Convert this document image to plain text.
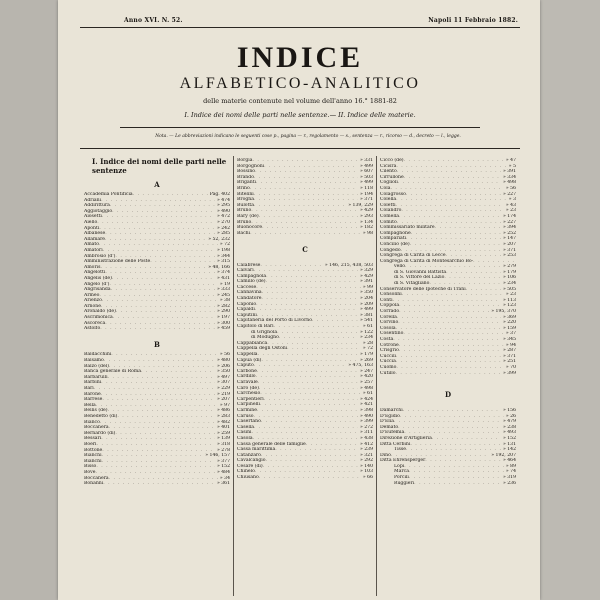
Anno XVI. N. 52.	Napoli 11 Febbraio 1882.
INDICE
ALFABETICO-ANALITICO
delle materie contenute nel volume dell'anno 16.° 1881-82
I. Indice dei nomi delle parti nelle sentenze.— II. Indice delle materie.
Nota. — Le abbreviazioni indicano le seguenti cose p., pagina — r., regolamento — s., sentenza — r., ricorso — d., decreto — l., legge.
I. Indice dei nomi delle parti nelle sentenze
A
Accademia Pontificia . . .	Pag. 402
Adriani . . .	» 474
Addirittura . . .	» 295
Aggiotaggio . . .	» 490
Aiosetti . . .	» 472
Aiello . . .	» 270
Aponti . . .	» 242
Albanese . . .	» 285
Allamare . . .	» 52, 232
Amato . . .	» 72
Amatori . . .	» 198
Ambrosio (d') . . .	» 344
Amministrazione delle Poste . . .	» 315
Amoris . . .	» 48, 166
Angelotti . . .	» 374
Angelis (de) . . .	» 431
Angelo (d') . . .	» 19
Angrisanda . . .	» 333
Armeo . . .	» 245
Arienzo . . .	» 38
Arnone . . .	» 282
Aronaldo (de) . . .	» 290
Ascrimonica . . .	» 197
Ascoreca . . .	» 300
Astolfo . . .	» 459
B
Baldacchini . . .	» 56
Balsamo . . .	» 480
Balzo (del) . . .	» 206
Banca generale di Roma . . .	» 350
Barbarulli . . .	» 497
Barbini . . .	» 307
Bari . . .	» 229
Barone . . .	» 219
Barrese . . .	» 207
Bella . . .	» 97
Bellis (de) . . .	» 486
Benedetto (di) . . .	» 283
Bianco . . .	» 482
Boccanera . . .	» 401
Bernardo (di) . . .	» 259
Bessari . . .	» 139
Boeri . . .	» 318
Bottone . . .	» 278
Bianchi . . .	» 146, 157
Bianchi . . .	» 377
Bisso . . .	» 152
Bove . . .	» 484
Boccanera . . .	» 34
Bonanni . . .	» 361
Borgia . . .	» 331
Borgognoni . . .	» 499
Bossino . . .	» 607
Brando . . .	» 503
Briganti . . .	» 499
Brino . . .	» 118
Bitelini . . .	» 194
Brogna . . .	» 371
Bulotta . . .	» 139, 229
Bruno . . .	» 429
Bary (de) . . .	» 293
Bruno . . .	» 134
Buonocore . . .	» 182
Bachi . . .	» 98
C
Calabrese . . .	» 146, 215, 438, 503
Calvari . . .	» 329
Campagnola . . .	» 429
Camillo (de) . . .	» 391
Caccese . . .	» 99
Cannavina . . .	» 350
Candatore . . .	» 204
Caponio . . .	» 209
Capaldi . . .	» 499
Caputini . . .	» 381
Capitaneria del Porto di Livorno . . .	» 541
Capitolo di Bari . . .	» 61
di Grignola . . .	» 122
di Modugno . . .	» 234
Cappabianca . . .	» 28
Cappella degli Ostoni . . .	» 72
Cappella . . .	» 179
Capua (di) . . .	» 269
Caputo . . .	» 475, 163
Carbone . . .	» 247
Cardillo . . .	» 420
Caravale . . .	» 257
Caro (de) . . .	» 498
Carchesio . . .	» 61
Carpentieri . . .	» 424
Carpinelli . . .	» 421
Carmine . . .	» 398
Caruso . . .	» 490
Casertano . . .	» 399
Casella . . .	» 272
Casini . . .	» 311
Casola . . .	» 438
Cassa generale delle famiglie . . .	» 412
Cassa marittima . . .	» 239
Catanzaro . . .	» 321
Cavalcangio . . .	» 292
Cesare (di) . . .	» 140
Chinelo . . .	» 103
Chiusano . . .	» 66
Cicco (de) . . .	» 47
Cicisra . . .	» 5
Cilento . . .	» 391
Cirrullone . . .	» 334
Coglioli . . .	» 498
Cola . . .	» 56
Colagrosso . . .	» 227
Colella . . .	» 3
Coletti . . .	» 43
Colandro . . .	» 23
Comella . . .	» 174
Comito . . .	» 227
Commissariato militare . . .	» 394
Compagnone . . .	» 252
Compariati . . .	» 147
Concilio (de) . . .	» 207
Congedo . . .	» 371
Congrega di Carità di Lecce . . .	» 253
Congrega di Carità di Montesarchio Bo-
. . .
vello . . .	» 279
di S. Giovanni Battista . . .	» 179
di S. Vittore del Lazio . . .	» 106
di S. Vitagliano . . .	» 234
Conservatore delle Ipoteche di Trani . . .	» 505
Consolini . . .	» 23
Conti . . .	» 113
Coppola . . .	» 123
Corrado . . .	» 195, 370
Corella . . .	» 369
Corvino . . .	» 220
Cosola . . .	» 159
Cosentino . . .	» 37
Costa . . .	» 345
Cotrone . . .	» 94
Crisgrio . . .	» 287
Cuccili . . .	» 371
Cuccia . . .	» 251
Cuomo . . .	» 70
Cutillo . . .	» 399
D
Damarchi . . .	» 156
D'Egidio . . .	» 26
D'Elia . . .	» 479
Demato . . .	» 238
D'Eufemia . . .	» 493
Direzione d'Artiglieria . . .	» 152
Ditta Cerbini . . .	» 131
Tisse . . .	» 142
Dino . . .	» 192, 207
Ditta Ehrensperger . . .	» 464
Lopi . . .	» 89
Marca . . .	» 74
Porcili . . .	» 319
Ruggieri . . .	» 236
